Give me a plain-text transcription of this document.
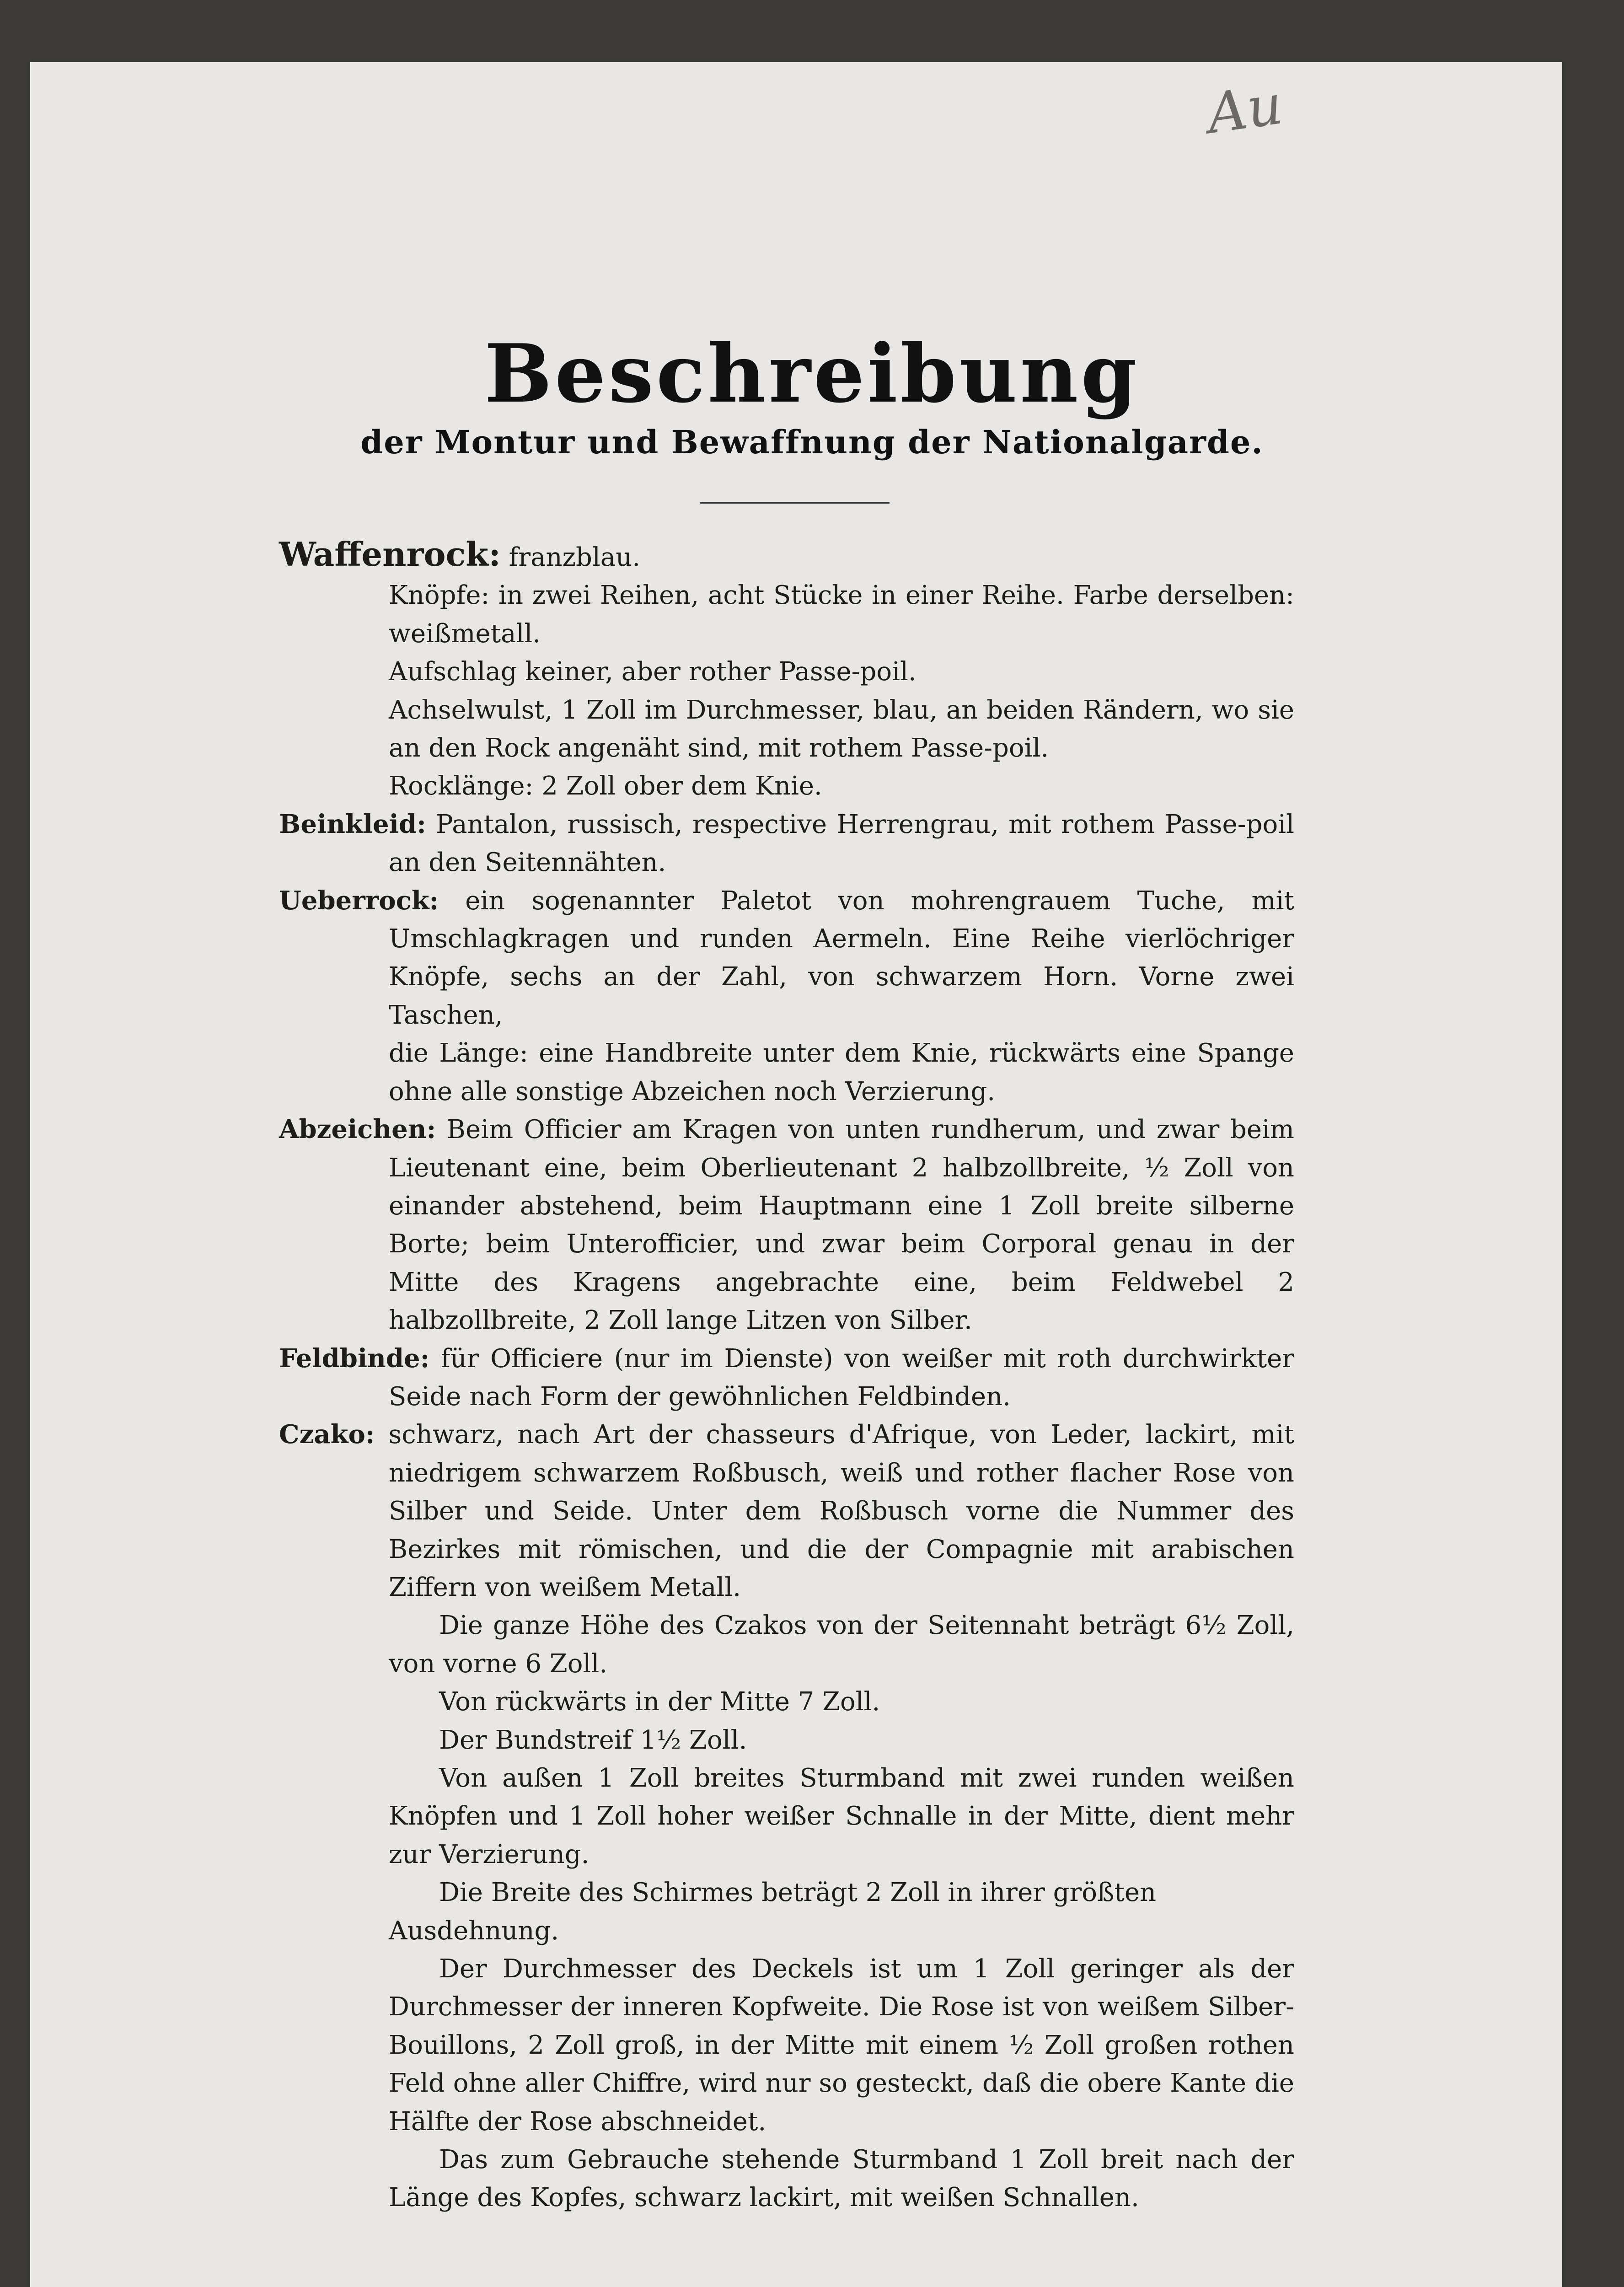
Au
Beschreibung
der Montur und Bewaffnung der Nationalgarde.

Waffenrock: franzblau.

Knöpfe: in zwei Reihen, acht Stücke in einer Reihe. Farbe derselben: weißmetall.

Aufschlag keiner, aber rother Passe-poil.

Achselwulst, 1 Zoll im Durchmesser, blau, an beiden Rändern, wo sie an den Rock angenäht sind, mit rothem Passe-poil.

Rocklänge: 2 Zoll ober dem Knie.

Beinkleid: Pantalon, russisch, respective Herrengrau, mit rothem Passe-poil an den Seitennähten.

Ueberrock: ein sogenannter Paletot von mohrengrauem Tuche, mit Umschlagkragen und runden Aermeln. Eine Reihe vierlöchriger Knöpfe, sechs an der Zahl, von schwarzem Horn. Vorne zwei Taschen,

die Länge: eine Handbreite unter dem Knie, rückwärts eine Spange ohne alle sonstige Abzeichen noch Verzierung.

Abzeichen: Beim Officier am Kragen von unten rundherum, und zwar beim Lieutenant eine, beim Oberlieutenant 2 halbzollbreite, ½ Zoll von einander abstehend, beim Hauptmann eine 1 Zoll breite silberne Borte; beim Unterofficier, und zwar beim Corporal genau in der Mitte des Kragens angebrachte eine, beim Feldwebel 2 halbzollbreite, 2 Zoll lange Litzen von Silber.

Feldbinde: für Officiere (nur im Dienste) von weißer mit roth durchwirkter Seide nach Form der gewöhnlichen Feldbinden.

Czako: schwarz, nach Art der chasseurs d'Afrique, von Leder, lackirt, mit niedrigem schwarzem Roßbusch, weiß und rother flacher Rose von Silber und Seide. Unter dem Roßbusch vorne die Nummer des Bezirkes mit römischen, und die der Compagnie mit arabischen Ziffern von weißem Metall.

Die ganze Höhe des Czakos von der Seitennaht beträgt 6½ Zoll, von vorne 6 Zoll.

Von rückwärts in der Mitte 7 Zoll.

Der Bundstreif 1½ Zoll.

Von außen 1 Zoll breites Sturmband mit zwei runden weißen Knöpfen und 1 Zoll hoher weißer Schnalle in der Mitte, dient mehr zur Verzierung.

Die Breite des Schirmes beträgt 2 Zoll in ihrer größten Ausdehnung.

Der Durchmesser des Deckels ist um 1 Zoll geringer als der Durchmesser der inneren Kopfweite. Die Rose ist von weißem Silber-Bouillons, 2 Zoll groß, in der Mitte mit einem ½ Zoll großen rothen Feld ohne aller Chiffre, wird nur so gesteckt, daß die obere Kante die Hälfte der Rose abschneidet.

Das zum Gebrauche stehende Sturmband 1 Zoll breit nach der Länge des Kopfes, schwarz lackirt, mit weißen Schnallen.
